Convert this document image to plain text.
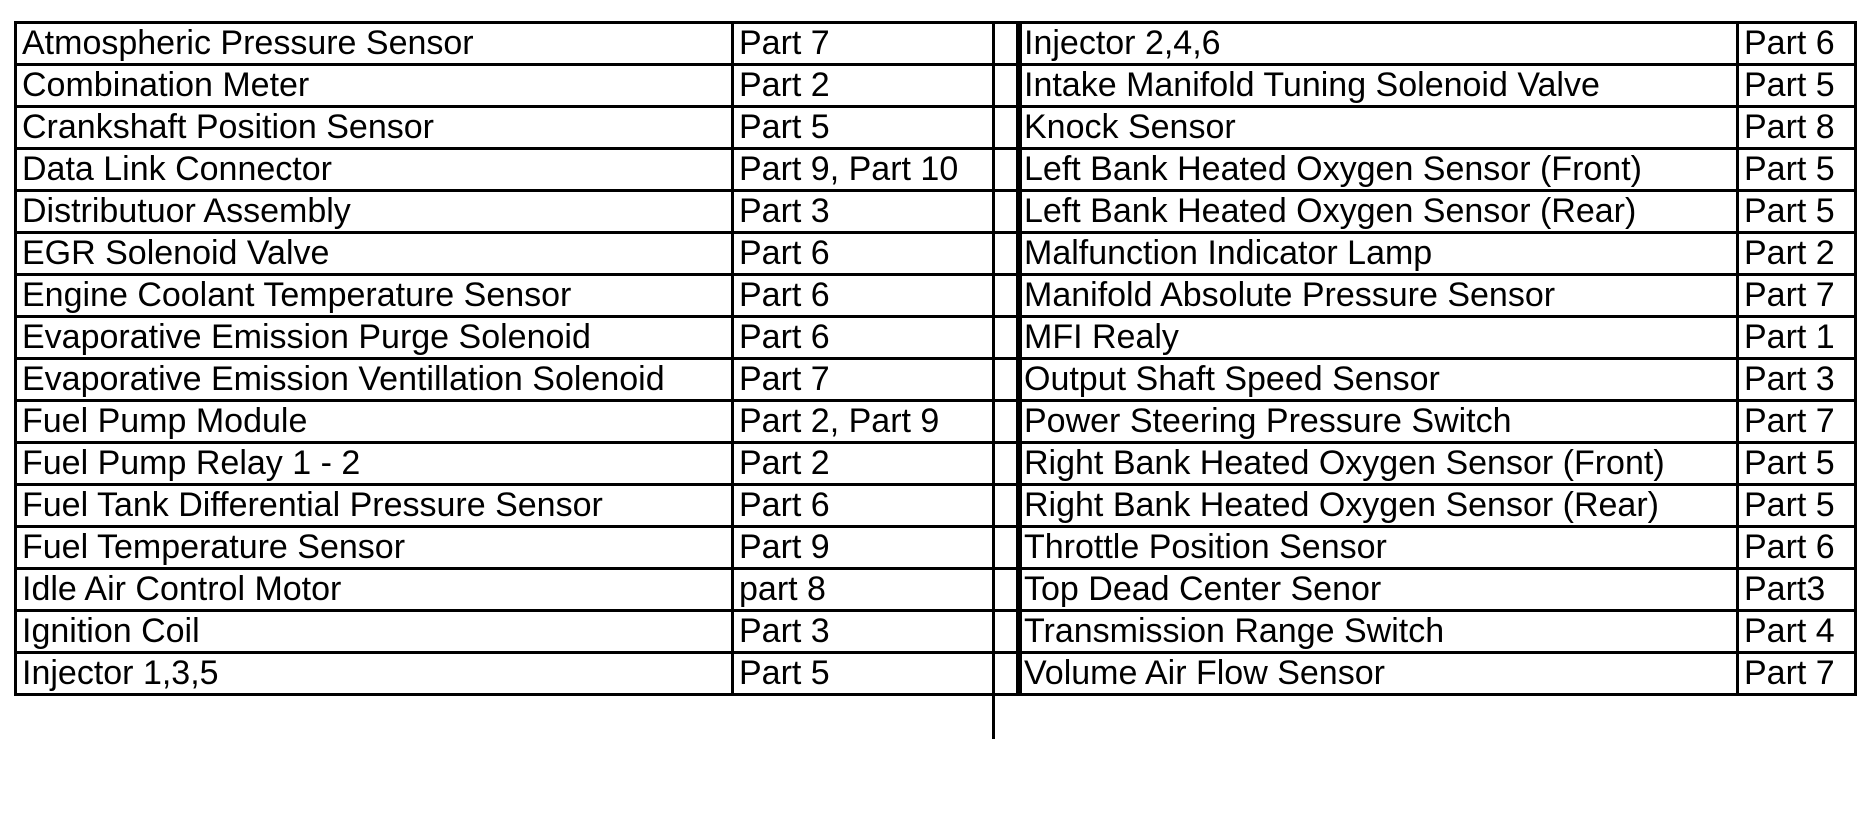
Atmospheric Pressure Sensor	Part 7
Combination Meter	Part 2
Crankshaft Position Sensor	Part 5
Data Link Connector	Part 9, Part 10
Distributuor Assembly	Part 3
EGR Solenoid Valve	Part 6
Engine Coolant Temperature Sensor	Part 6
Evaporative Emission Purge Solenoid	Part 6
Evaporative Emission Ventillation Solenoid	Part 7
Fuel Pump Module	Part 2, Part 9
Fuel Pump Relay 1 - 2	Part 2
Fuel Tank Differential Pressure Sensor	Part 6
Fuel Temperature Sensor	Part 9
Idle Air Control Motor	part 8
Ignition Coil	Part 3
Injector 1,3,5	Part 5
Injector 2,4,6	Part 6
Intake Manifold Tuning Solenoid Valve	Part 5
Knock Sensor	Part 8
Left Bank Heated Oxygen Sensor (Front)	Part 5
Left Bank Heated Oxygen Sensor (Rear)	Part 5
Malfunction Indicator Lamp	Part 2
Manifold Absolute Pressure Sensor	Part 7
MFI Realy	Part 1
Output Shaft Speed Sensor	Part 3
Power Steering Pressure Switch	Part 7
Right Bank Heated Oxygen Sensor (Front)	Part 5
Right Bank Heated Oxygen Sensor (Rear)	Part 5
Throttle Position Sensor	Part 6
Top Dead Center Senor	Part3
Transmission Range Switch	Part 4
Volume Air Flow Sensor	Part 7
